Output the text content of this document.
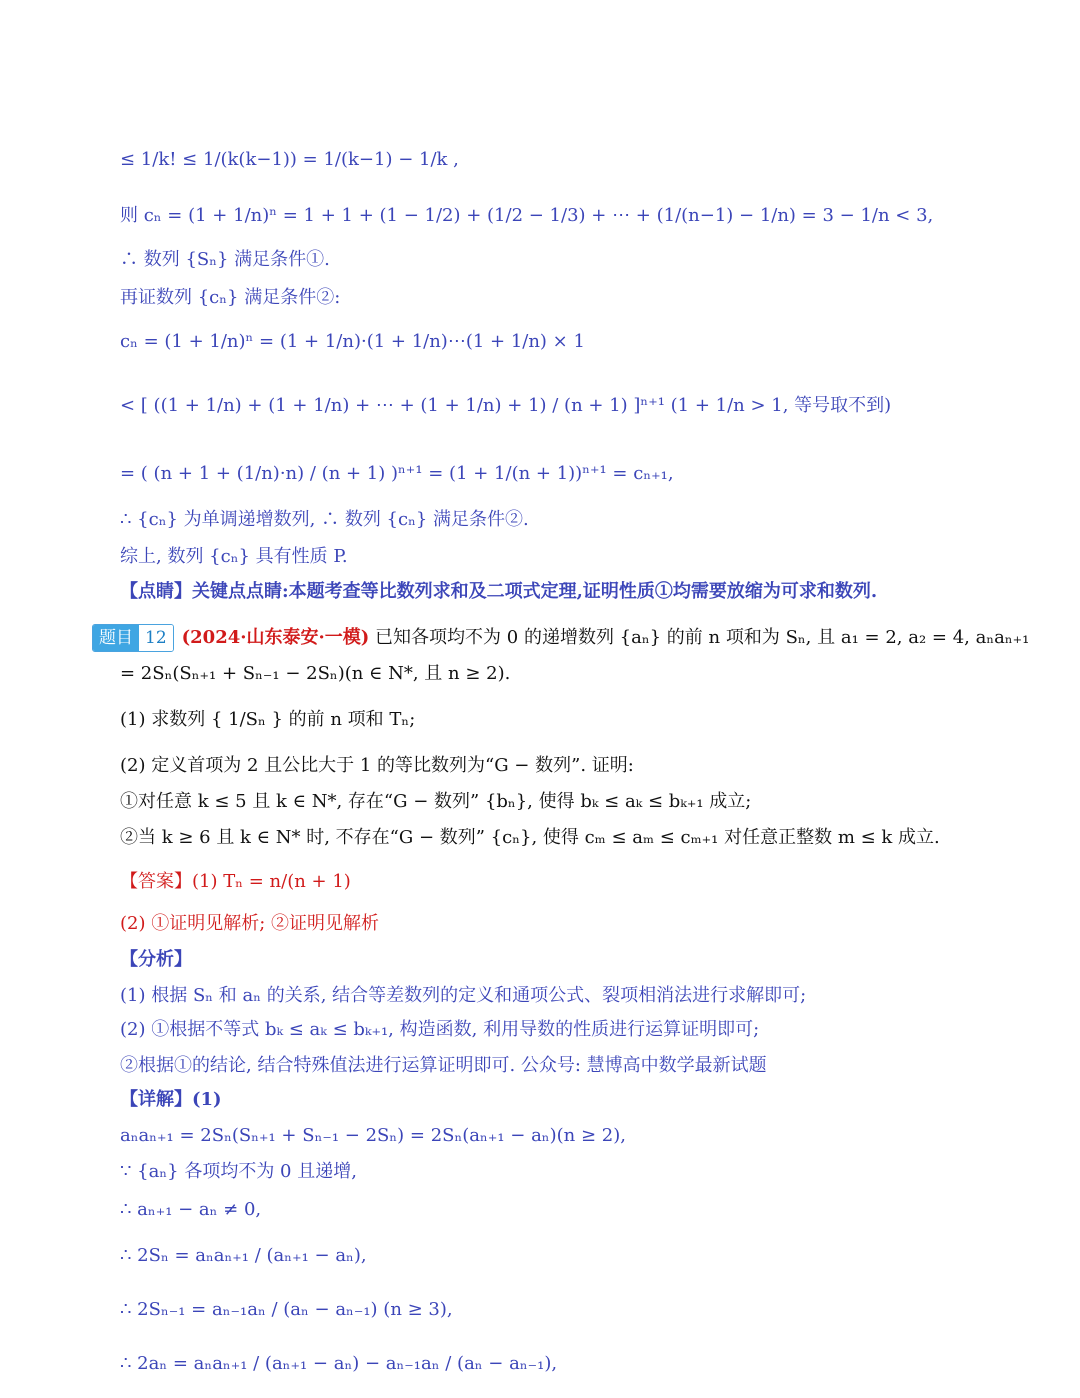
≤ 1/k! ≤ 1/(k(k−1)) = 1/(k−1) − 1/k ,
则 cₙ = (1 + 1/n)ⁿ = 1 + 1 + (1 − 1/2) + (1/2 − 1/3) + ⋯ + (1/(n−1) − 1/n) = 3 − 1/n < 3,
∴ 数列 {Sₙ} 满足条件①.
再证数列 {cₙ} 满足条件②:
cₙ = (1 + 1/n)ⁿ = (1 + 1/n)·(1 + 1/n)⋯(1 + 1/n) × 1
< [ ((1 + 1/n) + (1 + 1/n) + ⋯ + (1 + 1/n) + 1) / (n + 1) ]ⁿ⁺¹ (1 + 1/n > 1, 等号取不到)
= ( (n + 1 + (1/n)·n) / (n + 1) )ⁿ⁺¹ = (1 + 1/(n + 1))ⁿ⁺¹ = cₙ₊₁,
∴ {cₙ} 为单调递增数列, ∴ 数列 {cₙ} 满足条件②.
综上, 数列 {cₙ} 具有性质 P.
【点睛】关键点点睛:本题考查等比数列求和及二项式定理,证明性质①均需要放缩为可求和数列.
题目 12 (2024·山东泰安·一模) 已知各项均不为 0 的递增数列 {aₙ} 的前 n 项和为 Sₙ, 且 a₁ = 2, a₂ = 4, aₙaₙ₊₁
= 2Sₙ(Sₙ₊₁ + Sₙ₋₁ − 2Sₙ)(n ∈ N*, 且 n ≥ 2).
(1) 求数列 { 1/Sₙ } 的前 n 项和 Tₙ;
(2) 定义首项为 2 且公比大于 1 的等比数列为“G − 数列”. 证明:
①对任意 k ≤ 5 且 k ∈ N*, 存在“G − 数列” {bₙ}, 使得 bₖ ≤ aₖ ≤ bₖ₊₁ 成立;
②当 k ≥ 6 且 k ∈ N* 时, 不存在“G − 数列” {cₙ}, 使得 cₘ ≤ aₘ ≤ cₘ₊₁ 对任意正整数 m ≤ k 成立.
【答案】(1) Tₙ = n/(n + 1)
(2) ①证明见解析; ②证明见解析
【分析】
(1) 根据 Sₙ 和 aₙ 的关系, 结合等差数列的定义和通项公式、裂项相消法进行求解即可;
(2) ①根据不等式 bₖ ≤ aₖ ≤ bₖ₊₁, 构造函数, 利用导数的性质进行运算证明即可;
②根据①的结论, 结合特殊值法进行运算证明即可. 公众号: 慧博高中数学最新试题
【详解】(1)
aₙaₙ₊₁ = 2Sₙ(Sₙ₊₁ + Sₙ₋₁ − 2Sₙ) = 2Sₙ(aₙ₊₁ − aₙ)(n ≥ 2),
∵ {aₙ} 各项均不为 0 且递增,
∴ aₙ₊₁ − aₙ ≠ 0,
∴ 2Sₙ = aₙaₙ₊₁ / (aₙ₊₁ − aₙ),
∴ 2Sₙ₋₁ = aₙ₋₁aₙ / (aₙ − aₙ₋₁) (n ≥ 3),
∴ 2aₙ = aₙaₙ₊₁ / (aₙ₊₁ − aₙ) − aₙ₋₁aₙ / (aₙ − aₙ₋₁),
